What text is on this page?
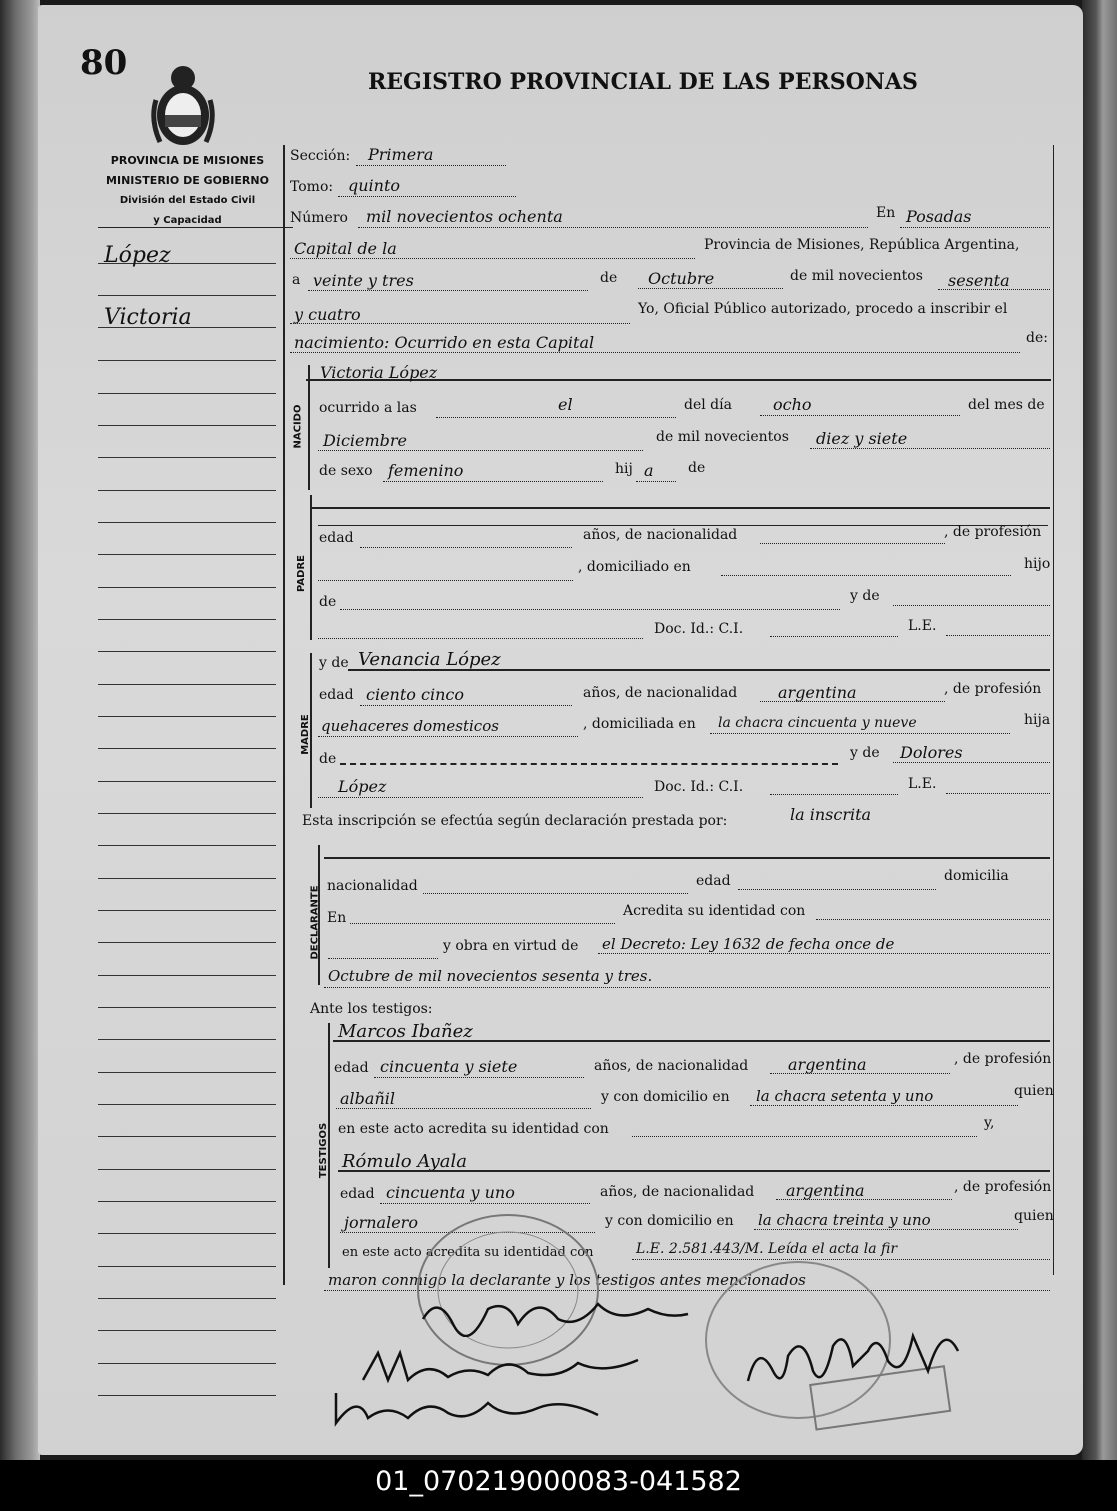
80	REGISTRO PROVINCIAL DE LAS PERSONAS
PROVINCIA DE MISIONES
MINISTERIO DE GOBIERNO
División del Estado Civil
y Capacidad
López
Victoria
Sección: Primera
Tomo: quinto
Número mil novecientos ochenta	En Posadas
Capital de la	Provincia de Misiones, República Argentina,
a veinte y tres	de Octubre	de mil novecientos sesenta
y cuatro	Yo, Oficial Público autorizado, procedo a inscribir el
nacimiento: Ocurrido en esta Capital	de:
NACIDO
Victoria López
ocurrido a las	el	del día	ocho	del mes de
Diciembre	de mil novecientos diez y siete
de sexo femenino	hij a de
PADRE
edad	años, de nacionalidad	, de profesión
, domiciliado en	hijo
de	y de
Doc. Id.: C.I.	L.E.
MADRE
y de Venancia López
edad ciento cinco	años, de nacionalidad	argentina	, de profesión
quehaceres domesticos	, domiciliada en la chacra cincuenta y nueve	hija
de	y de Dolores
López	Doc. Id.: C.I.	L.E.
Esta inscripción se efectúa según declaración prestada por:	la inscrita
DECLARANTE nacionalidad	edad	domicilia
En	Acredita su identidad con
y obra en virtud de el Decreto: Ley 1632 de fecha once de
Octubre de mil novecientos sesenta y tres.
Ante los testigos:
TESTIGOS
Marcos Ibañez
edad cincuenta y siete	años, de nacionalidad argentina	, de profesión
albañil	y con domicilio en la chacra setenta y uno	quien
en este acto acredita su identidad con	y,
Rómulo Ayala
edad cincuenta y uno	años, de nacionalidad argentina	, de profesión
jornalero	y con domicilio en la chacra treinta y uno	quien
en este acto acredita su identidad con	L.E. 2.581.443/M. Leída el acta la fir
maron conmigo la declarante y los testigos antes mencionados
01_070219000083-041582
